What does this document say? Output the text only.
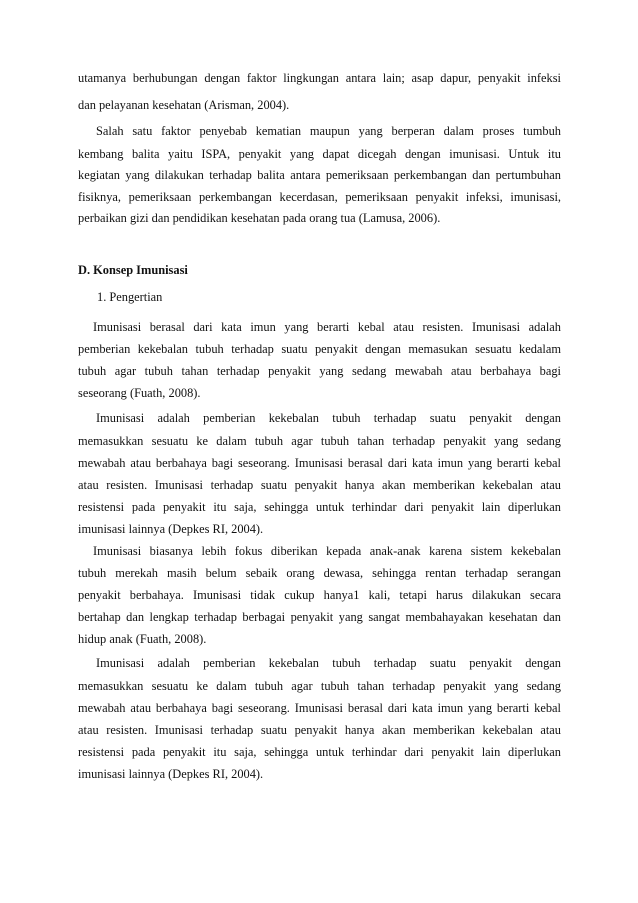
utamanya berhubungan dengan faktor lingkungan antara lain; asap dapur, penyakit infeksi
dan pelayanan kesehatan (Arisman, 2004).
Salah satu faktor penyebab kematian maupun yang berperan dalam proses tumbuh
kembang balita yaitu ISPA, penyakit yang dapat dicegah dengan imunisasi. Untuk itu
kegiatan yang dilakukan terhadap balita antara pemeriksaan perkembangan dan pertumbuhan
fisiknya, pemeriksaan perkembangan kecerdasan, pemeriksaan penyakit infeksi, imunisasi,
perbaikan gizi dan pendidikan kesehatan pada orang tua (Lamusa, 2006).
D. Konsep Imunisasi
1. Pengertian
Imunisasi berasal dari kata imun yang berarti kebal atau resisten. Imunisasi adalah
pemberian kekebalan tubuh terhadap suatu penyakit dengan memasukan sesuatu kedalam
tubuh agar tubuh tahan terhadap penyakit yang sedang mewabah atau berbahaya bagi
seseorang (Fuath, 2008).
Imunisasi adalah pemberian kekebalan tubuh terhadap suatu penyakit dengan
memasukkan sesuatu ke dalam tubuh agar tubuh tahan terhadap penyakit yang sedang
mewabah atau berbahaya bagi seseorang. Imunisasi berasal dari kata imun yang berarti kebal
atau resisten. Imunisasi terhadap suatu penyakit hanya akan memberikan kekebalan atau
resistensi pada penyakit itu saja, sehingga untuk terhindar dari penyakit lain diperlukan
imunisasi lainnya (Depkes RI, 2004).
Imunisasi biasanya lebih fokus diberikan kepada anak-anak karena sistem kekebalan
tubuh merekah masih belum sebaik orang dewasa, sehingga rentan terhadap serangan
penyakit berbahaya. Imunisasi tidak cukup hanya1 kali, tetapi harus dilakukan secara
bertahap dan lengkap terhadap berbagai penyakit yang sangat membahayakan kesehatan dan
hidup anak (Fuath, 2008).
Imunisasi adalah pemberian kekebalan tubuh terhadap suatu penyakit dengan
memasukkan sesuatu ke dalam tubuh agar tubuh tahan terhadap penyakit yang sedang
mewabah atau berbahaya bagi seseorang. Imunisasi berasal dari kata imun yang berarti kebal
atau resisten. Imunisasi terhadap suatu penyakit hanya akan memberikan kekebalan atau
resistensi pada penyakit itu saja, sehingga untuk terhindar dari penyakit lain diperlukan
imunisasi lainnya (Depkes RI, 2004).
